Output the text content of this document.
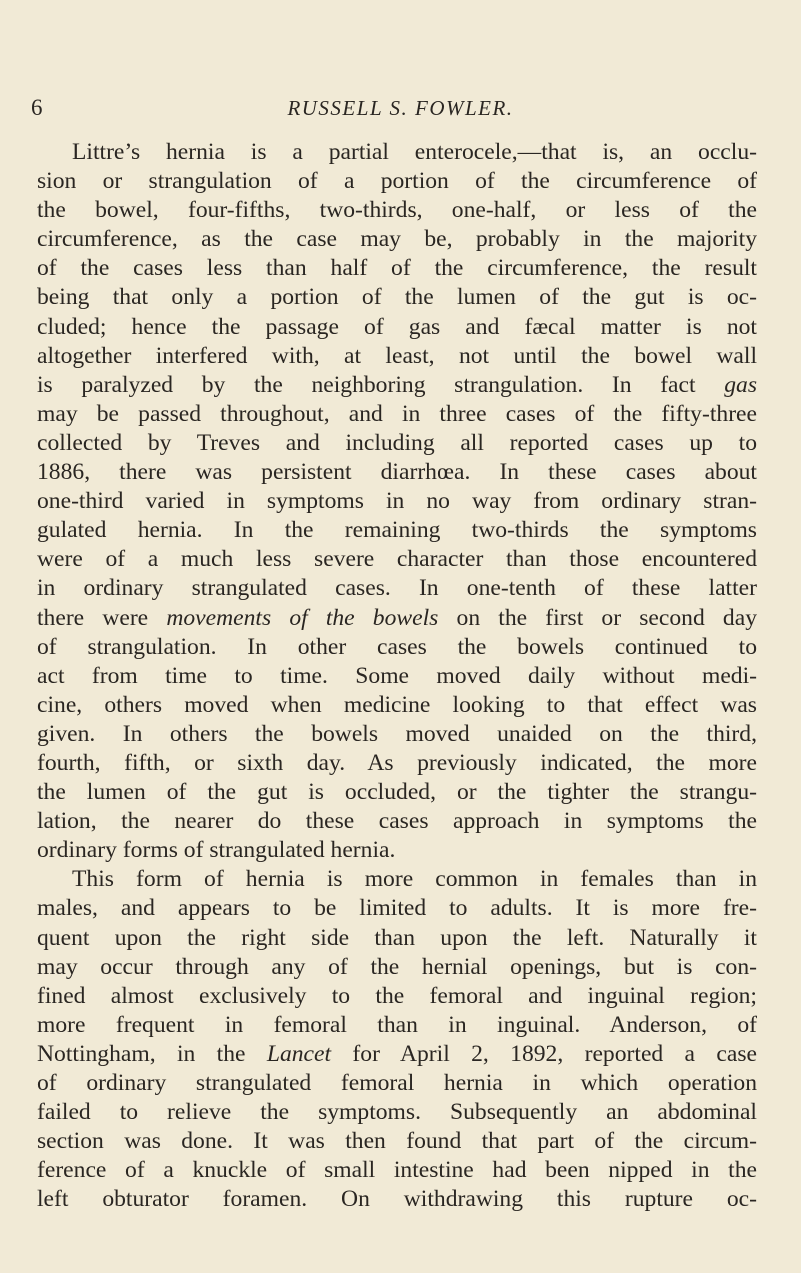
6	RUSSELL S. FOWLER.
Littre’s hernia is a partial enterocele,—that is, an occlu-
sion or strangulation of a portion of the circumference of
the bowel, four-fifths, two-thirds, one-half, or less of the
circumference, as the case may be, probably in the majority
of the cases less than half of the circumference, the result
being that only a portion of the lumen of the gut is oc-
cluded; hence the passage of gas and fæcal matter is not
altogether interfered with, at least, not until the bowel wall
is paralyzed by the neighboring strangulation. In fact gas
may be passed throughout, and in three cases of the fifty-three
collected by Treves and including all reported cases up to
1886, there was persistent diarrhœa. In these cases about
one-third varied in symptoms in no way from ordinary stran-
gulated hernia. In the remaining two-thirds the symptoms
were of a much less severe character than those encountered
in ordinary strangulated cases. In one-tenth of these latter
there were movements of the bowels on the first or second day
of strangulation. In other cases the bowels continued to
act from time to time. Some moved daily without medi-
cine, others moved when medicine looking to that effect was
given. In others the bowels moved unaided on the third,
fourth, fifth, or sixth day. As previously indicated, the more
the lumen of the gut is occluded, or the tighter the strangu-
lation, the nearer do these cases approach in symptoms the
ordinary forms of strangulated hernia.
This form of hernia is more common in females than in
males, and appears to be limited to adults. It is more fre-
quent upon the right side than upon the left. Naturally it
may occur through any of the hernial openings, but is con-
fined almost exclusively to the femoral and inguinal region;
more frequent in femoral than in inguinal. Anderson, of
Nottingham, in the Lancet for April 2, 1892, reported a case
of ordinary strangulated femoral hernia in which operation
failed to relieve the symptoms. Subsequently an abdominal
section was done. It was then found that part of the circum-
ference of a knuckle of small intestine had been nipped in the
left obturator foramen. On withdrawing this rupture oc-
